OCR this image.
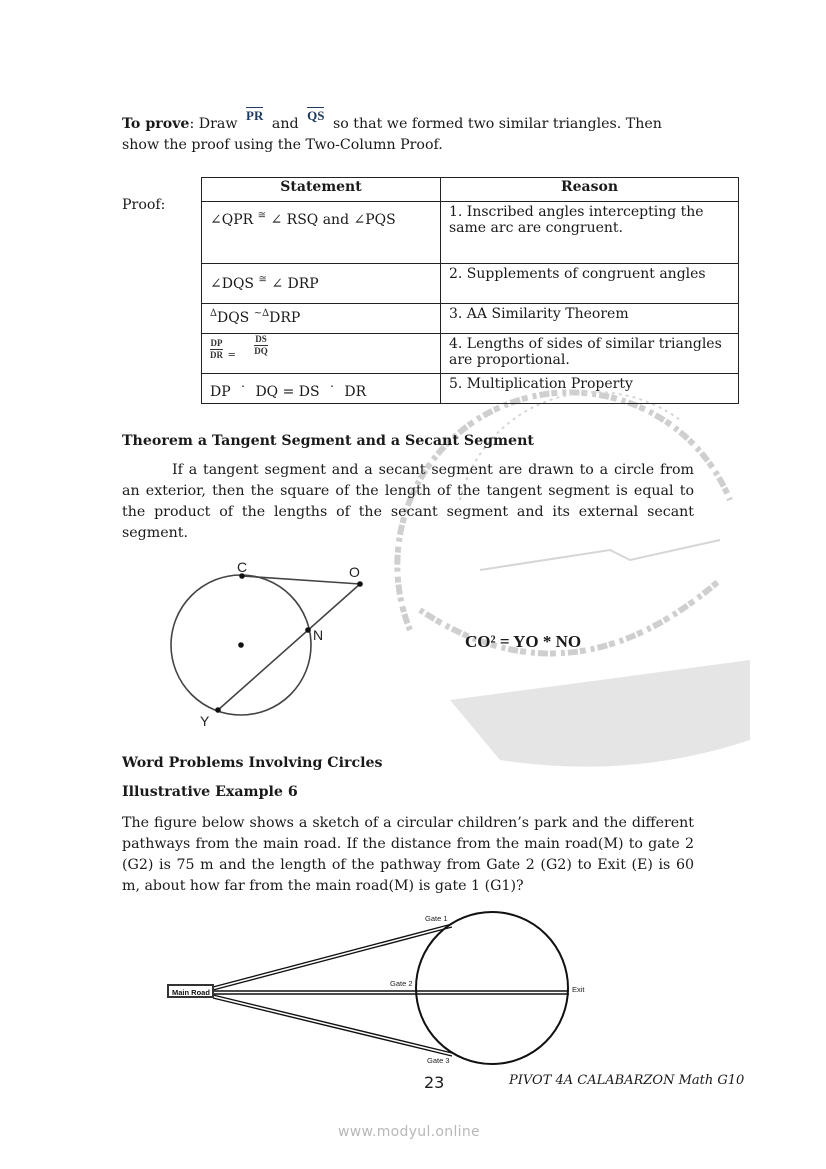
To prove: Draw PR and QS so that we formed two similar triangles. Then show the proof using the Two-Column Proof.
Proof:
Statement	Reason
∠QPR ≅ ∠ RSQ and ∠PQS	1. Inscribed angles intercepting the same arc are congruent.
∠DQS ≅ ∠ DRP	2. Supplements of congruent angles
∆DQS ~∆DRP	3. AA Similarity Theorem

$\frac{DP}{DR} _= \frac{DS}{DQ}$	4. Lengths of sides of similar triangles are proportional.
DP  ˙  DQ = DS  ˙  DR	5. Multiplication Property
Theorem a Tangent Segment and a Secant Segment
If a tangent segment and a secant segment are drawn to a circle from an exterior, then the square of the length of the tangent segment is equal to the product of the lengths of the secant segment and its external secant segment.
C	O
N
Y
CO² = YO * NO
Word Problems Involving Circles
Illustrative Example 6
The figure below shows a sketch of a circular children’s park and the different pathways from the main road. If the distance from the main road(M) to gate 2 (G2) is 75 m and the length of the pathway from Gate 2 (G2) to Exit (E) is 60 m, about how far from the main road(M) is gate 1 (G1)?
Main Road
Gate 1
Gate 2
Gate 3
Exit
23	PIVOT 4A CALABARZON Math G10
www.modyul.online
